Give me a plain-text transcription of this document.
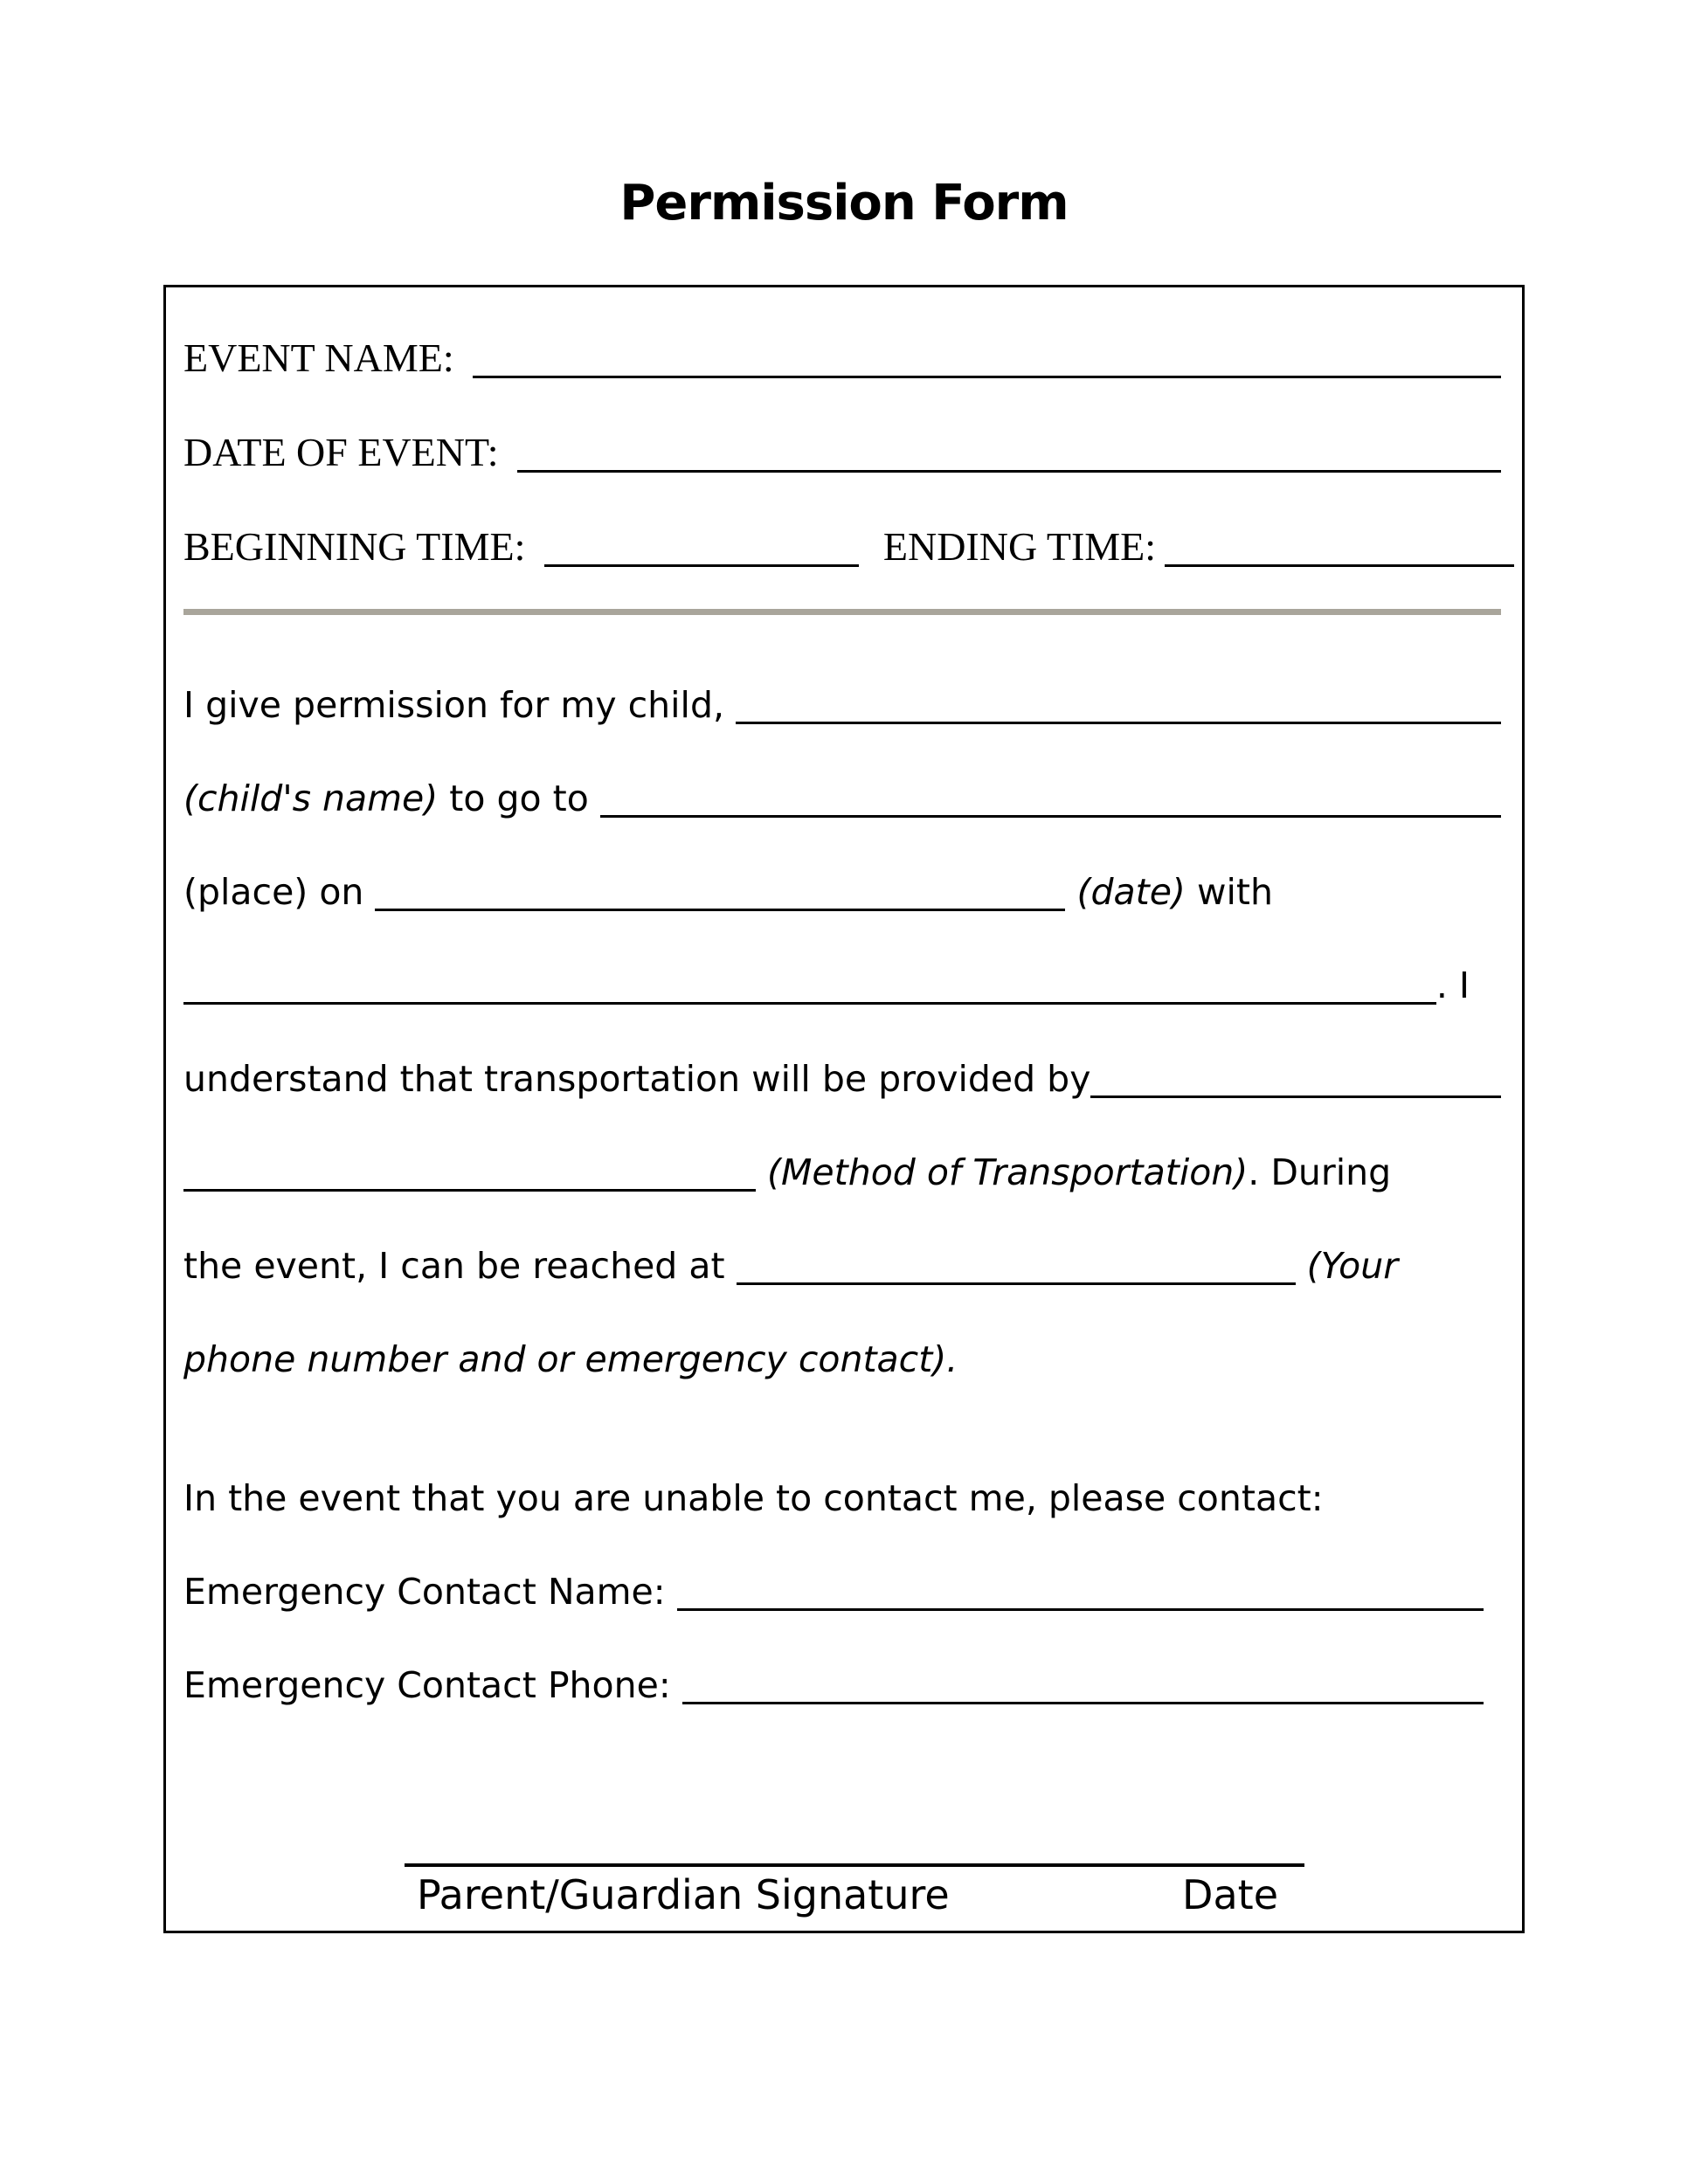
Permission Form
EVENT NAME:
DATE OF EVENT:
BEGINNING TIME:	ENDING TIME:
I give permission for my child,
(child's name) to go to
(place) on	(date) with
. I
understand that transportation will be provided by
(Method of Transportation) . During
the event, I can be reached at	(Your
phone number and or emergency contact).
In the event that you are unable to contact me, please contact:
Emergency Contact Name:
Emergency Contact Phone:
Parent/Guardian Signature	Date
